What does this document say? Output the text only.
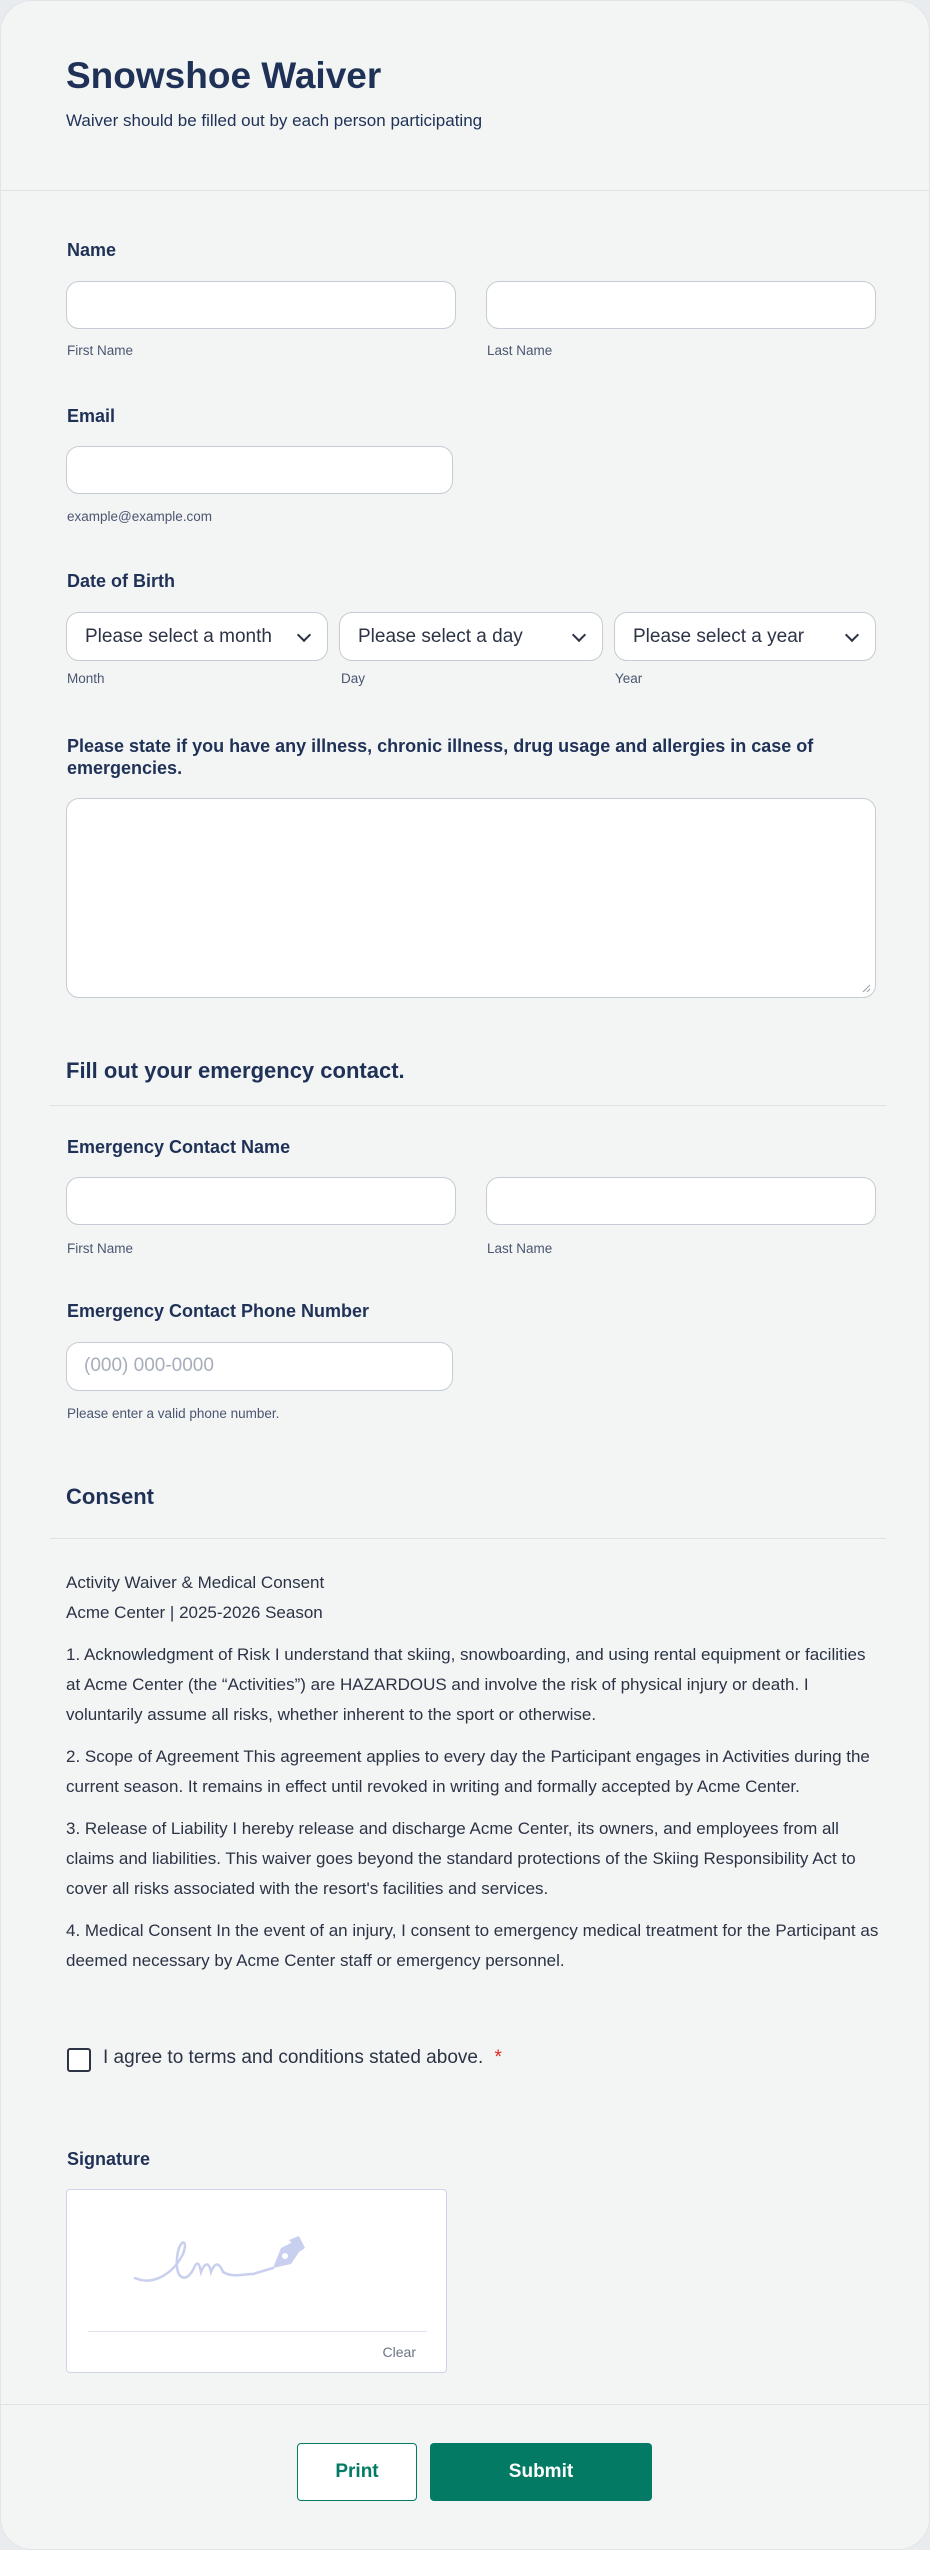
Snowshoe Waiver
Waiver should be filled out by each person participating
Name
First Name	Last Name
Email
example@example.com
Date of Birth
Please select a month	Please select a day	Please select a year
Month	Day	Year
Please state if you have any illness, chronic illness, drug usage and allergies in case of
emergencies.
Fill out your emergency contact.
Emergency Contact Name
First Name	Last Name
Emergency Contact Phone Number
(000) 000-0000
Please enter a valid phone number.
Consent
Activity Waiver & Medical Consent
Acme Center | 2025-2026 Season

1. Acknowledgment of Risk I understand that skiing, snowboarding, and using rental equipment or facilities at Acme Center (the “Activities”) are HAZARDOUS and involve the risk of physical injury or death. I voluntarily assume all risks, whether inherent to the sport or otherwise.

2. Scope of Agreement This agreement applies to every day the Participant engages in Activities during the current season. It remains in effect until revoked in writing and formally accepted by Acme Center.

3. Release of Liability I hereby release and discharge Acme Center, its owners, and employees from all claims and liabilities. This waiver goes beyond the standard protections of the Skiing Responsibility Act to cover all risks associated with the resort's facilities and services.

4. Medical Consent In the event of an injury, I consent to emergency medical treatment for the Participant as deemed necessary by Acme Center staff or emergency personnel.

I agree to terms and conditions stated above. *
Signature
Clear
Print	Submit
